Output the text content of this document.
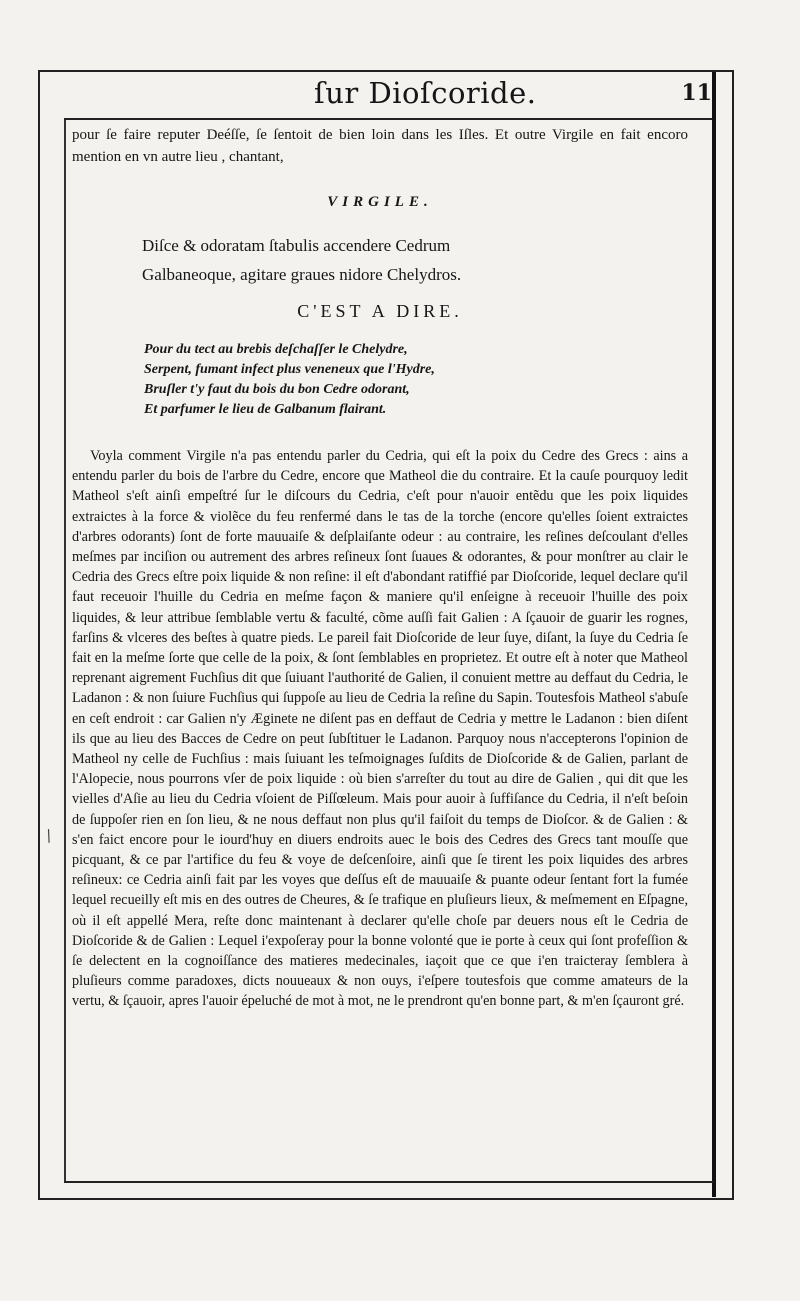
ſur Dioſcoride.	11

pour ſe faire reputer Deéſſe, ſe ſentoit de bien loin dans les Iſles. Et outre Virgile en fait encoro mention en vn autre lieu , chantant,

VIRGILE.
Diſce & odoratam ſtabulis accendere Cedrum
Galbaneoque, agitare graues nidore Chelydros.
C'EST A DIRE.
Pour du tect au brebis deſchaſſer le Chelydre,
Serpent, fumant infect plus veneneux que l'Hydre,
Bruſler t'y faut du bois du bon Cedre odorant,
Et parfumer le lieu de Galbanum flairant.

Voyla comment Virgile n'a pas entendu parler du Cedria, qui eſt la poix du Cedre des Grecs : ains a entendu parler du bois de l'arbre du Cedre, encore que Matheol die du contraire. Et la cauſe pourquoy ledit Matheol s'eſt ainſi empeſtré ſur le diſcours du Cedria, c'eſt pour n'auoir entẽdu que les poix liquides extraictes à la force & violẽce du feu renfermé dans le tas de la torche (encore qu'elles ſoient extraictes d'arbres odorants) ſont de forte mauuaiſe & deſplaiſante odeur : au contraire, les reſines deſcoulant d'elles meſmes par inciſion ou autrement des arbres reſineux ſont ſuaues & odorantes, & pour monſtrer au clair le Cedria des Grecs eſtre poix liquide & non reſine: il eſt d'abondant ratiffié par Dioſcoride, lequel declare qu'il faut receuoir l'huille du Cedria en meſme façon & maniere qu'il enſeigne à receuoir l'huille des poix liquides, & leur attribue ſemblable vertu & faculté, cõme auſſi fait Galien : A ſçauoir de guarir les rognes, farſins & vlceres des beſtes à quatre pieds. Le pareil fait Dioſcoride de leur ſuye, diſant, la ſuye du Cedria ſe fait en la meſme ſorte que celle de la poix, & ſont ſemblables en proprietez. Et outre eſt à noter que Matheol reprenant aigrement Fuchſius dit que ſuiuant l'authorité de Galien, il conuient mettre au deffaut du Cedria, le Ladanon : & non ſuiure Fuchſius qui ſuppoſe au lieu de Cedria la reſine du Sapin. Toutesfois Matheol s'abuſe en ceſt endroit : car Galien n'y Æginete ne diſent pas en deffaut de Cedria y mettre le Ladanon : bien diſent ils que au lieu des Bacces de Cedre on peut ſubſtituer le Ladanon. Parquoy nous n'accepterons l'opinion de Matheol ny celle de Fuchſius : mais ſuiuant les teſmoignages ſuſdits de Dioſcoride & de Galien, parlant de l'Alopecie, nous pourrons vſer de poix liquide : où bien s'arreſter du tout au dire de Galien , qui dit que les vielles d'Aſie au lieu du Cedria vſoient de Piſſœleum. Mais pour auoir à ſuffiſance du Cedria, il n'eſt beſoin de ſuppoſer rien en ſon lieu, & ne nous deffaut non plus qu'il faiſoit du temps de Dioſcor. & de Galien : & s'en faict encore pour le iourd'huy en diuers endroits auec le bois des Cedres des Grecs tant mouſſe que picquant, & ce par l'artifice du feu & voye de deſcenſoire, ainſi que ſe tirent les poix liquides des arbres reſineux: ce Cedria ainſi fait par les voyes que deſſus eſt de mauuaiſe & puante odeur ſentant fort la fumée lequel recueilly eſt mis en des outres de Cheures, & ſe trafique en pluſieurs lieux, & meſmement en Eſpagne, où il eſt appellé Mera, reſte donc maintenant à declarer qu'elle choſe par deuers nous eſt le Cedria de Dioſcoride & de Galien : Lequel i'expoſeray pour la bonne volonté que ie porte à ceux qui ſont profeſſion & ſe delectent en la cognoiſſance des matieres medecinales, iaçoit que ce que i'en traicteray ſemblera à pluſieurs comme paradoxes, dicts nouueaux & non ouys, i'eſpere toutesfois que comme amateurs de la vertu, & ſçauoir, apres l'auoir épeluché de mot à mot, ne le prendront qu'en bonne part, & m'en ſçauront gré.

/
